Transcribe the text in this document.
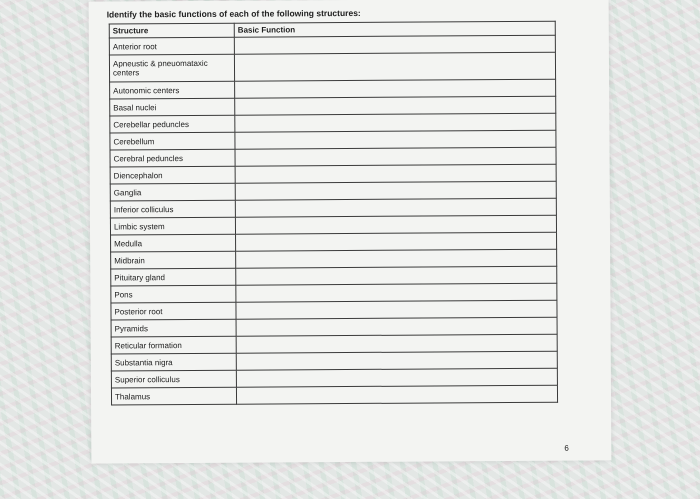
Identify the basic functions of each of the following structures:
Structure	Basic Function
Anterior root	
Apneustic & pneuomataxic centers	
Autonomic centers	
Basal nuclei	
Cerebellar peduncles	
Cerebellum	
Cerebral peduncles	
Diencephalon	
Ganglia	
Inferior colliculus	
Limbic system	
Medulla	
Midbrain	
Pituitary gland	
Pons	
Posterior root	
Pyramids	
Reticular formation	
Substantia nigra	
Superior colliculus	
Thalamus	
6
